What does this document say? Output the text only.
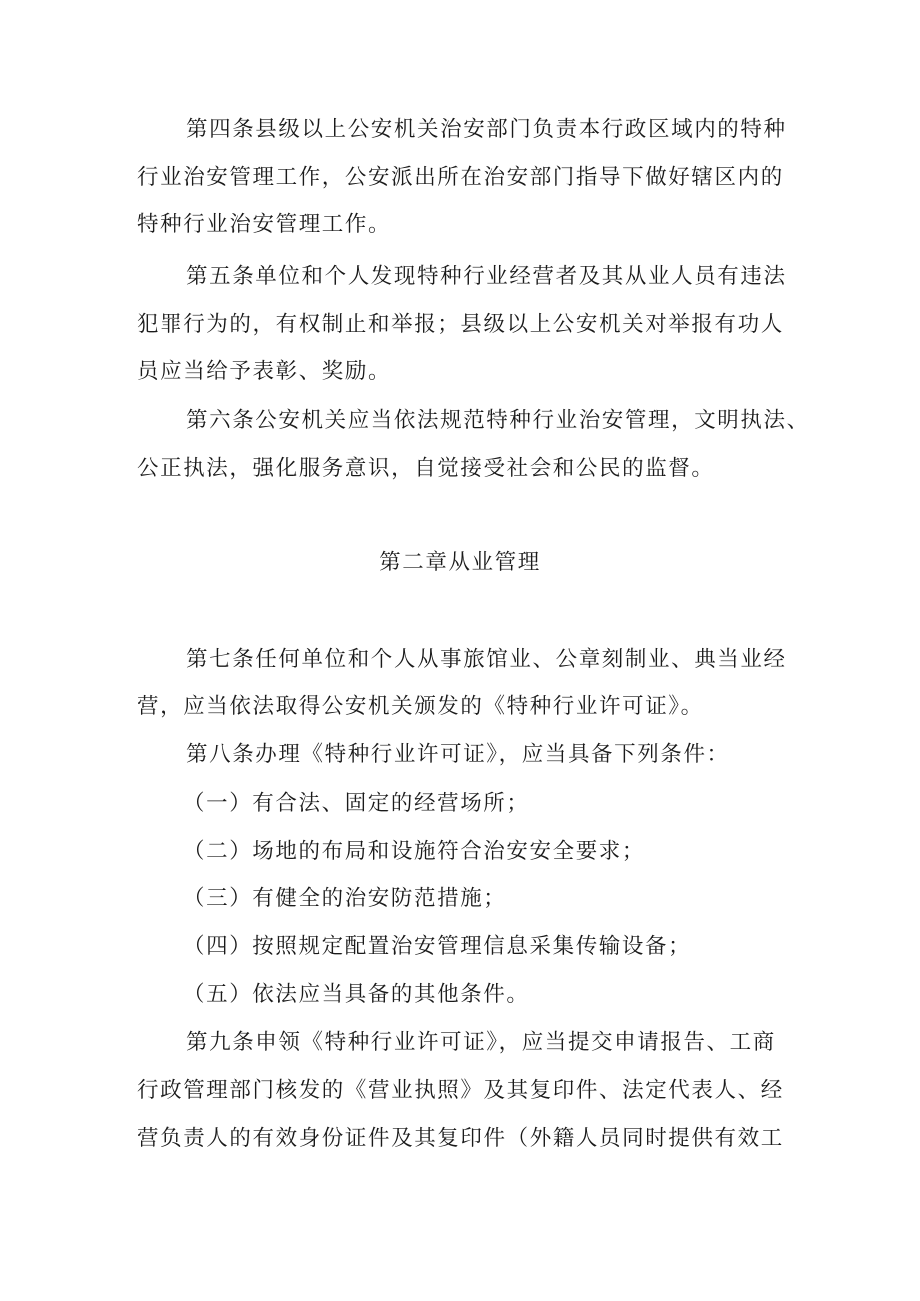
第四条县级以上公安机关治安部门负责本行政区域内的特种
行业治安管理工作，公安派出所在治安部门指导下做好辖区内的
特种行业治安管理工作。
第五条单位和个人发现特种行业经营者及其从业人员有违法
犯罪行为的，有权制止和举报；县级以上公安机关对举报有功人
员应当给予表彰、奖励。
第六条公安机关应当依法规范特种行业治安管理，文明执法、
公正执法，强化服务意识，自觉接受社会和公民的监督。
第二章从业管理
第七条任何单位和个人从事旅馆业、公章刻制业、典当业经
营，应当依法取得公安机关颁发的《特种行业许可证》。
第八条办理《特种行业许可证》，应当具备下列条件：
（一）有合法、固定的经营场所；
（二）场地的布局和设施符合治安安全要求；
（三）有健全的治安防范措施；
（四）按照规定配置治安管理信息采集传输设备；
（五）依法应当具备的其他条件。
第九条申领《特种行业许可证》，应当提交申请报告、工商
行政管理部门核发的《营业执照》及其复印件、法定代表人、经
营负责人的有效身份证件及其复印件（外籍人员同时提供有效工
